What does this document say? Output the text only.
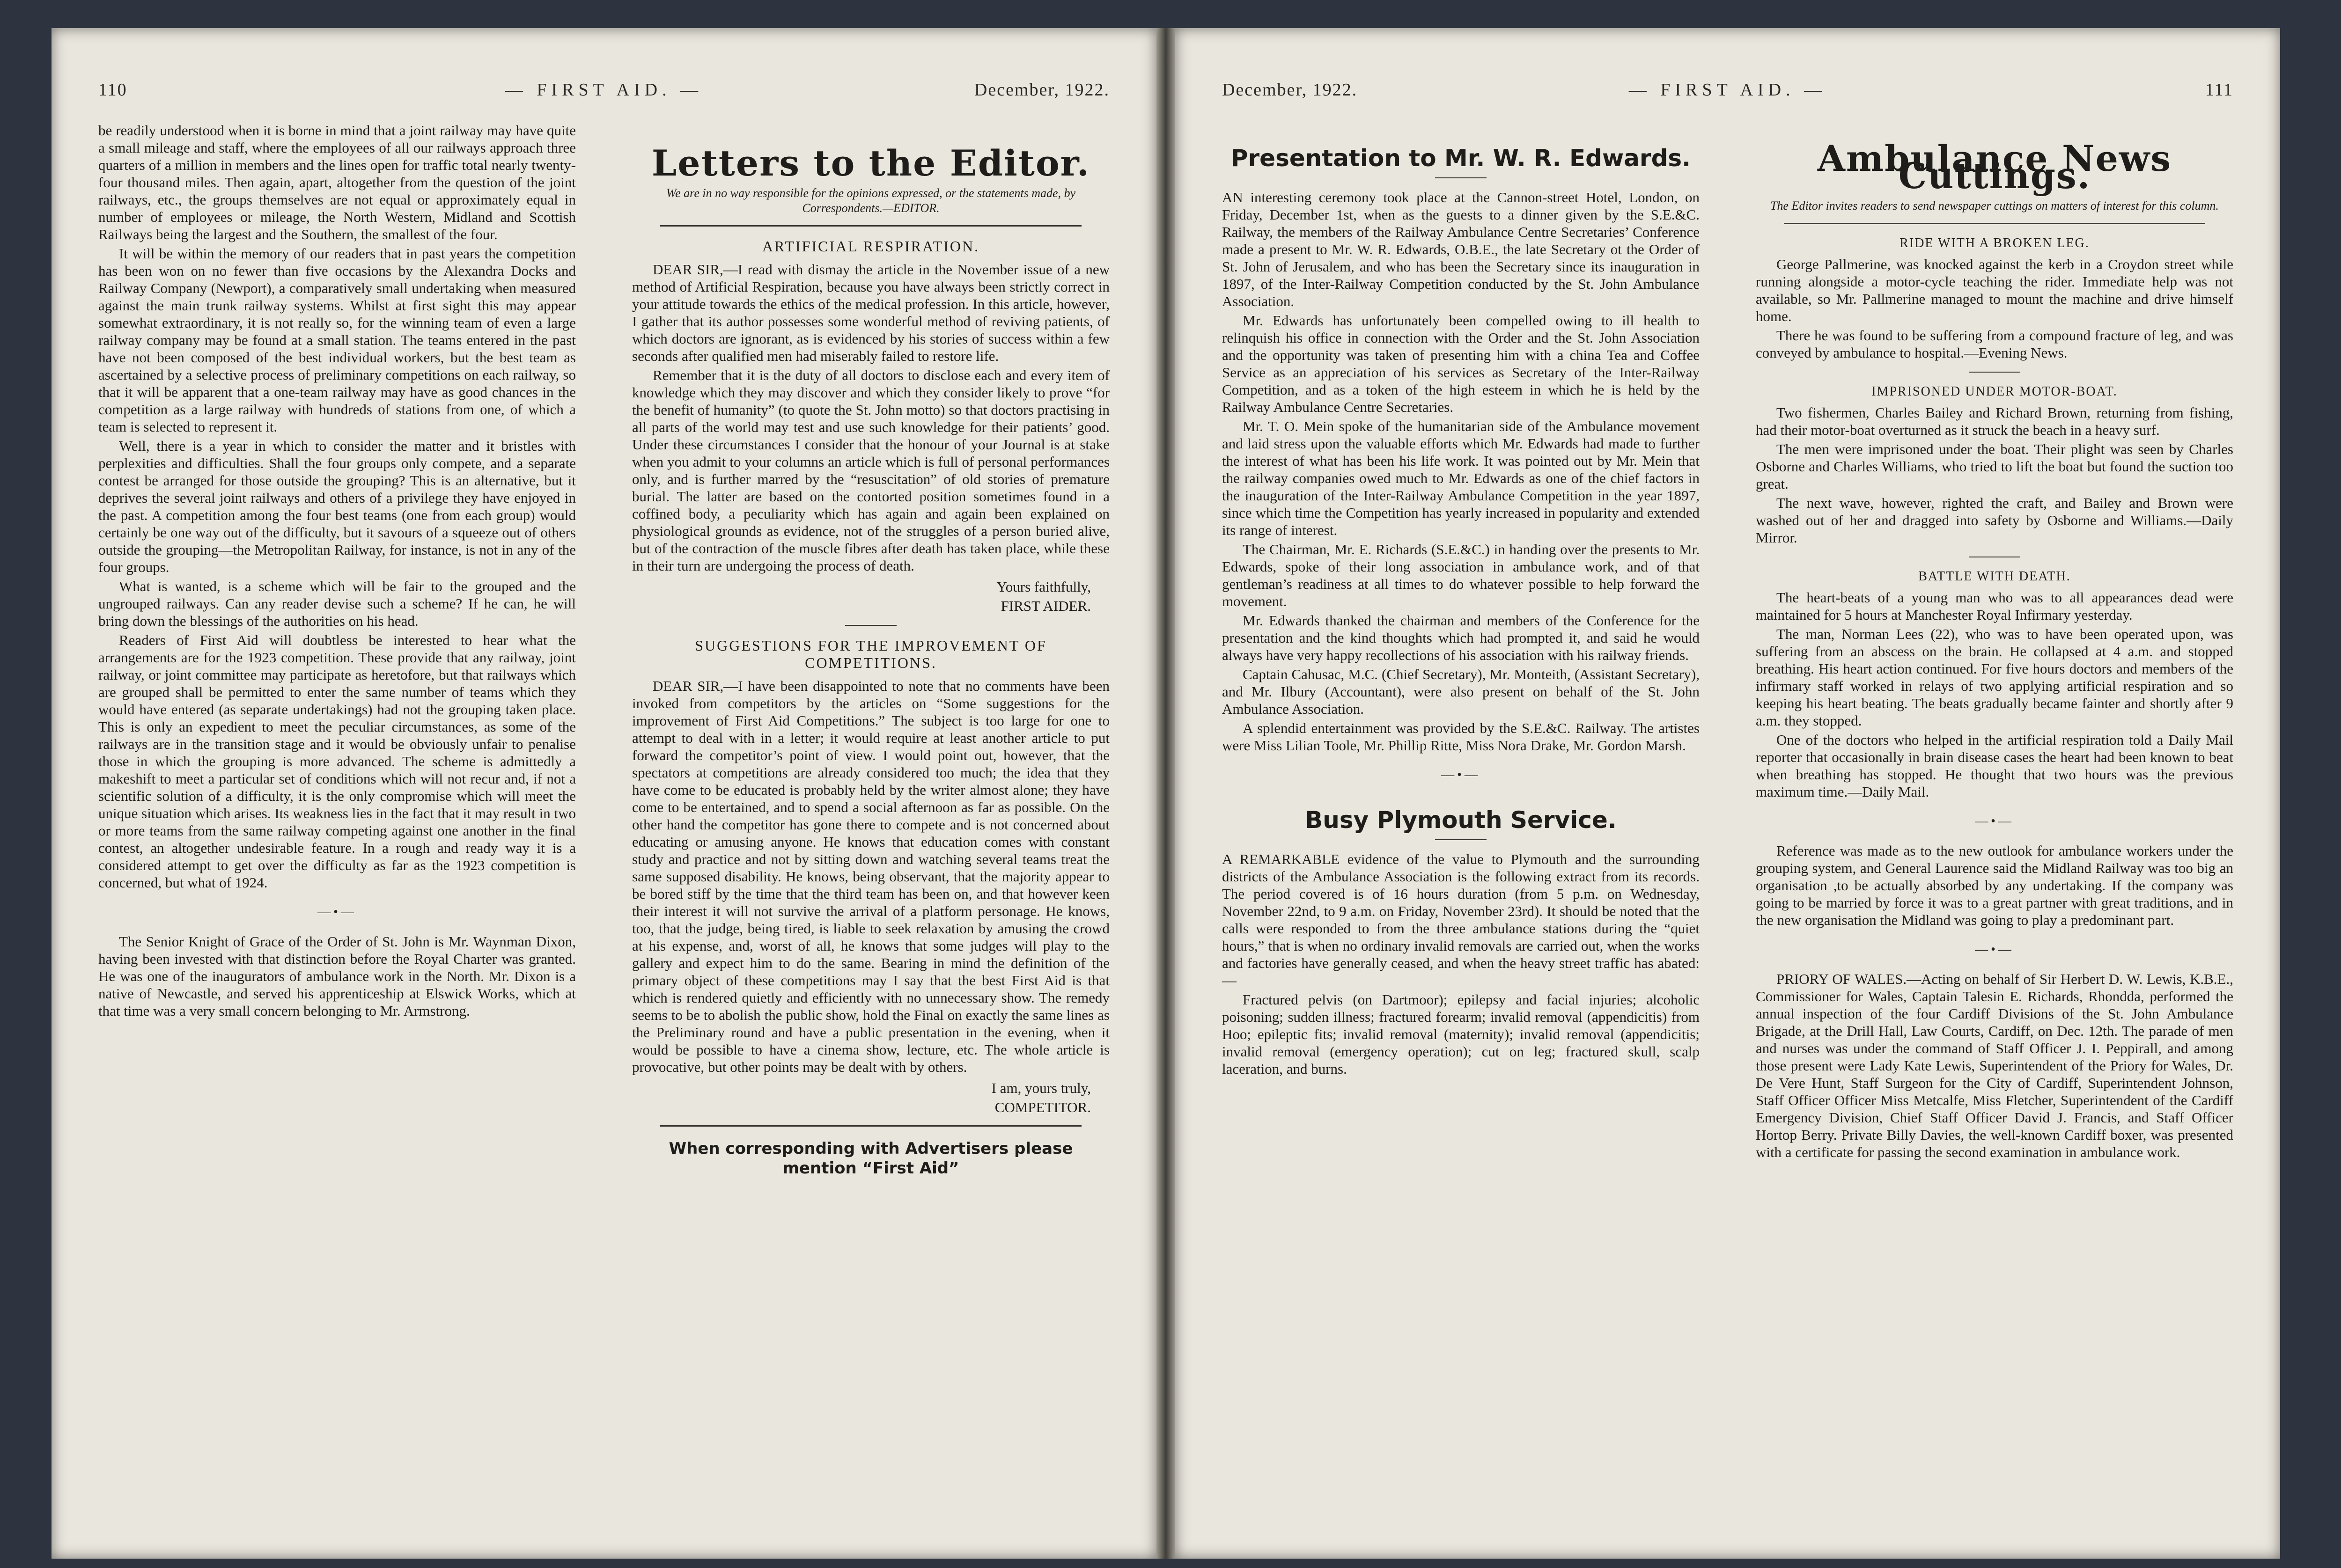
110	— FIRST AID. —	December, 1922.

be readily understood when it is borne in mind that a joint railway may have quite a small mileage and staff, where the employees of all our railways approach three quarters of a million in members and the lines open for traffic total nearly twenty-four thousand miles. Then again, apart, altogether from the question of the joint railways, etc., the groups themselves are not equal or approximately equal in number of employees or mileage, the North Western, Midland and Scottish Railways being the largest and the Southern, the smallest of the four.

It will be within the memory of our readers that in past years the competition has been won on no fewer than five occasions by the Alexandra Docks and Railway Company (Newport), a comparatively small undertaking when measured against the main trunk railway systems. Whilst at first sight this may appear somewhat extraordinary, it is not really so, for the winning team of even a large railway company may be found at a small station. The teams entered in the past have not been composed of the best individual workers, but the best team as ascertained by a selective process of preliminary competitions on each railway, so that it will be apparent that a one-team railway may have as good chances in the competition as a large railway with hundreds of stations from one, of which a team is selected to represent it.

Well, there is a year in which to consider the matter and it bristles with perplexities and difficulties. Shall the four groups only compete, and a separate contest be arranged for those outside the grouping? This is an alternative, but it deprives the several joint railways and others of a privilege they have enjoyed in the past. A competition among the four best teams (one from each group) would certainly be one way out of the difficulty, but it savours of a squeeze out of others outside the grouping—the Metropolitan Railway, for instance, is not in any of the four groups.

What is wanted, is a scheme which will be fair to the grouped and the ungrouped railways. Can any reader devise such a scheme? If he can, he will bring down the blessings of the authorities on his head.

Readers of First Aid will doubtless be interested to hear what the arrangements are for the 1923 competition. These provide that any railway, joint railway, or joint committee may participate as heretofore, but that railways which are grouped shall be permitted to enter the same number of teams which they would have entered (as separate undertakings) had not the grouping taken place. This is only an expedient to meet the peculiar circumstances, as some of the railways are in the transition stage and it would be obviously unfair to penalise those in which the grouping is more advanced. The scheme is admittedly a makeshift to meet a particular set of conditions which will not recur and, if not a scientific solution of a difficulty, it is the only compromise which will meet the unique situation which arises. Its weakness lies in the fact that it may result in two or more teams from the same railway competing against one another in the final contest, an altogether undesirable feature. In a rough and ready way it is a considered attempt to get over the difficulty as far as the 1923 competition is concerned, but what of 1924.

—•—

The Senior Knight of Grace of the Order of St. John is Mr. Waynman Dixon, having been invested with that distinction before the Royal Charter was granted. He was one of the inaugurators of ambulance work in the North. Mr. Dixon is a native of Newcastle, and served his apprenticeship at Elswick Works, which at that time was a very small concern belonging to Mr. Armstrong.

Letters to the Editor.
We are in no way responsible for the opinions expressed, or the statements made, by Correspondents.—EDITOR.
ARTIFICIAL RESPIRATION.

DEAR SIR,—I read with dismay the article in the November issue of a new method of Artificial Respiration, because you have always been strictly correct in your attitude towards the ethics of the medical profession. In this article, however, I gather that its author possesses some wonderful method of reviving patients, of which doctors are ignorant, as is evidenced by his stories of success within a few seconds after qualified men had miserably failed to restore life.

Remember that it is the duty of all doctors to disclose each and every item of knowledge which they may discover and which they consider likely to prove “for the benefit of humanity” (to quote the St. John motto) so that doctors practising in all parts of the world may test and use such knowledge for their patients’ good. Under these circumstances I consider that the honour of your Journal is at stake when you admit to your columns an article which is full of personal performances only, and is further marred by the “resuscitation” of old stories of premature burial. The latter are based on the contorted position sometimes found in a coffined body, a peculiarity which has again and again been explained on physiological grounds as evidence, not of the struggles of a person buried alive, but of the contraction of the muscle fibres after death has taken place, while these in their turn are undergoing the process of death.

Yours faithfully,
FIRST AIDER.
SUGGESTIONS FOR THE IMPROVEMENT OF COMPETITIONS.

DEAR SIR,—I have been disappointed to note that no comments have been invoked from competitors by the articles on “Some suggestions for the improvement of First Aid Competitions.” The subject is too large for one to attempt to deal with in a letter; it would require at least another article to put forward the competitor’s point of view. I would point out, however, that the spectators at competitions are already considered too much; the idea that they have come to be educated is probably held by the writer almost alone; they have come to be entertained, and to spend a social afternoon as far as possible. On the other hand the competitor has gone there to compete and is not concerned about educating or amusing anyone. He knows that education comes with constant study and practice and not by sitting down and watching several teams treat the same supposed disability. He knows, being observant, that the majority appear to be bored stiff by the time that the third team has been on, and that however keen their interest it will not survive the arrival of a platform personage. He knows, too, that the judge, being tired, is liable to seek relaxation by amusing the crowd at his expense, and, worst of all, he knows that some judges will play to the gallery and expect him to do the same. Bearing in mind the definition of the primary object of these competitions may I say that the best First Aid is that which is rendered quietly and efficiently with no unnecessary show. The remedy seems to be to abolish the public show, hold the Final on exactly the same lines as the Preliminary round and have a public presentation in the evening, when it would be possible to have a cinema show, lecture, etc. The whole article is provocative, but other points may be dealt with by others.

I am, yours truly,
COMPETITOR.
When corresponding with Advertisers please mention “First Aid”
December, 1922.	— FIRST AID. —	111
Presentation to Mr. W. R. Edwards.

AN interesting ceremony took place at the Cannon-street Hotel, London, on Friday, December 1st, when as the guests to a dinner given by the S.E.&C. Railway, the members of the Railway Ambulance Centre Secretaries’ Conference made a present to Mr. W. R. Edwards, O.B.E., the late Secretary ot the Order of St. John of Jerusalem, and who has been the Secretary since its inauguration in 1897, of the Inter-Railway Competition conducted by the St. John Ambulance Association.

Mr. Edwards has unfortunately been compelled owing to ill health to relinquish his office in connection with the Order and the St. John Association and the opportunity was taken of presenting him with a china Tea and Coffee Service as an appreciation of his services as Secretary of the Inter-Railway Competition, and as a token of the high esteem in which he is held by the Railway Ambulance Centre Secretaries.

Mr. T. O. Mein spoke of the humanitarian side of the Ambulance movement and laid stress upon the valuable efforts which Mr. Edwards had made to further the interest of what has been his life work. It was pointed out by Mr. Mein that the railway companies owed much to Mr. Edwards as one of the chief factors in the inauguration of the Inter-Railway Ambulance Competition in the year 1897, since which time the Competition has yearly increased in popularity and extended its range of interest.

The Chairman, Mr. E. Richards (S.E.&C.) in handing over the presents to Mr. Edwards, spoke of their long association in ambulance work, and of that gentleman’s readiness at all times to do whatever possible to help forward the movement.

Mr. Edwards thanked the chairman and members of the Conference for the presentation and the kind thoughts which had prompted it, and said he would always have very happy recollections of his association with his railway friends.

Captain Cahusac, M.C. (Chief Secretary), Mr. Monteith, (Assistant Secretary), and Mr. Ilbury (Accountant), were also present on behalf of the St. John Ambulance Association.

A splendid entertainment was provided by the S.E.&C. Railway. The artistes were Miss Lilian Toole, Mr. Phillip Ritte, Miss Nora Drake, Mr. Gordon Marsh.

—•—
Busy Plymouth Service.

A REMARKABLE evidence of the value to Plymouth and the surrounding districts of the Ambulance Association is the following extract from its records. The period covered is of 16 hours duration (from 5 p.m. on Wednesday, November 22nd, to 9 a.m. on Friday, November 23rd). It should be noted that the calls were responded to from the three ambulance stations during the “quiet hours,” that is when no ordinary invalid removals are carried out, when the works and factories have generally ceased, and when the heavy street traffic has abated:—

Fractured pelvis (on Dartmoor); epilepsy and facial injuries; alcoholic poisoning; sudden illness; fractured forearm; invalid removal (appendicitis) from Hoo; epileptic fits; invalid removal (maternity); invalid removal (appendicitis; invalid removal (emergency operation); cut on leg; fractured skull, scalp laceration, and burns.

Ambulance News Cuttings.
The Editor invites readers to send newspaper cuttings on matters of interest for this column.
RIDE WITH A BROKEN LEG.

George Pallmerine, was knocked against the kerb in a Croydon street while running alongside a motor-cycle teaching the rider. Immediate help was not available, so Mr. Pallmerine managed to mount the machine and drive himself home.

There he was found to be suffering from a compound fracture of leg, and was conveyed by ambulance to hospital.—Evening News.

IMPRISONED UNDER MOTOR-BOAT.

Two fishermen, Charles Bailey and Richard Brown, returning from fishing, had their motor-boat overturned as it struck the beach in a heavy surf.

The men were imprisoned under the boat. Their plight was seen by Charles Osborne and Charles Williams, who tried to lift the boat but found the suction too great.

The next wave, however, righted the craft, and Bailey and Brown were washed out of her and dragged into safety by Osborne and Williams.—Daily Mirror.

BATTLE WITH DEATH.

The heart-beats of a young man who was to all appearances dead were maintained for 5 hours at Manchester Royal Infirmary yesterday.

The man, Norman Lees (22), who was to have been operated upon, was suffering from an abscess on the brain. He collapsed at 4 a.m. and stopped breathing. His heart action continued. For five hours doctors and members of the infirmary staff worked in relays of two applying artificial respiration and so keeping his heart beating. The beats gradually became fainter and shortly after 9 a.m. they stopped.

One of the doctors who helped in the artificial respiration told a Daily Mail reporter that occasionally in brain disease cases the heart had been known to beat when breathing has stopped. He thought that two hours was the previous maximum time.—Daily Mail.

—•—

Reference was made as to the new outlook for ambulance workers under the grouping system, and General Laurence said the Midland Railway was too big an organisation ,to be actually absorbed by any undertaking. If the company was going to be married by force it was to a great partner with great traditions, and in the new organisation the Midland was going to play a predominant part.

—•—

PRIORY OF WALES.—Acting on behalf of Sir Herbert D. W. Lewis, K.B.E., Commissioner for Wales, Captain Talesin E. Richards, Rhondda, performed the annual inspection of the four Cardiff Divisions of the St. John Ambulance Brigade, at the Drill Hall, Law Courts, Cardiff, on Dec. 12th. The parade of men and nurses was under the command of Staff Officer J. I. Peppirall, and among those present were Lady Kate Lewis, Superintendent of the Priory for Wales, Dr. De Vere Hunt, Staff Surgeon for the City of Cardiff, Superintendent Johnson, Staff Officer Officer Miss Metcalfe, Miss Fletcher, Superintendent of the Cardiff Emergency Division, Chief Staff Officer David J. Francis, and Staff Officer Hortop Berry. Private Billy Davies, the well-known Cardiff boxer, was presented with a certificate for passing the second examination in ambulance work.
